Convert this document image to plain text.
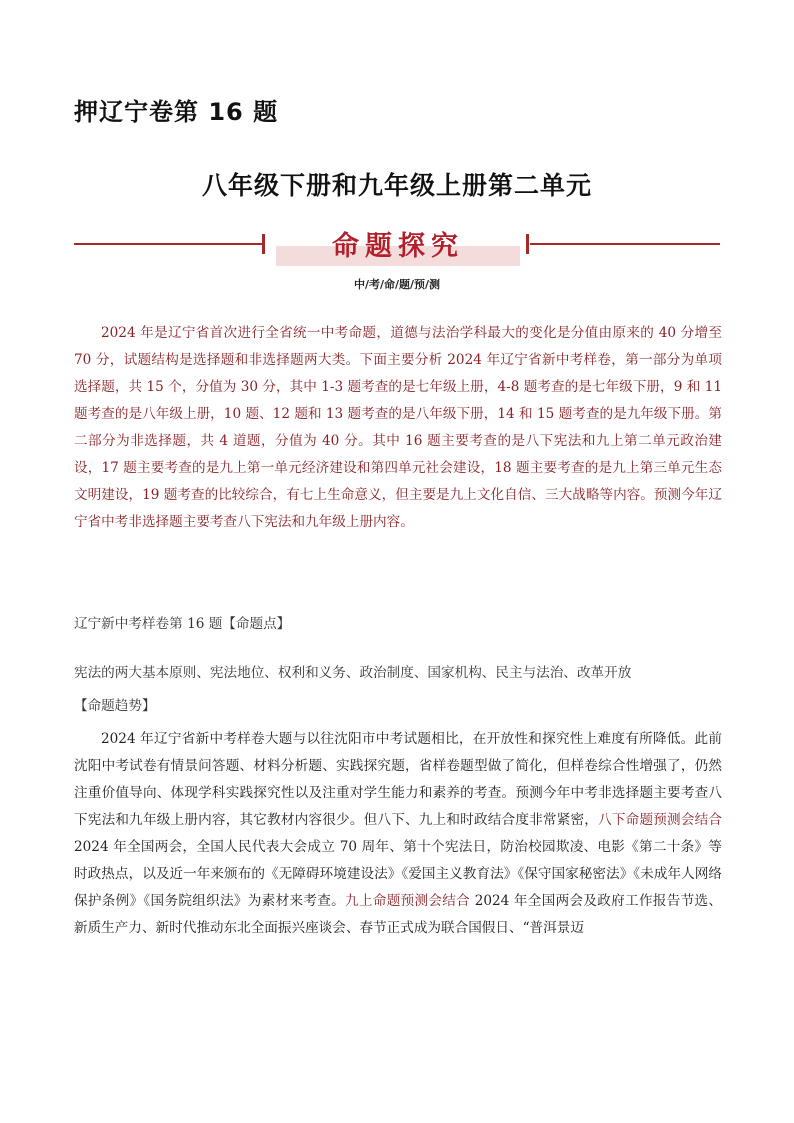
押辽宁卷第 16 题
八年级下册和九年级上册第二单元
命题探究
中/考/命/题/预/测

2024 年是辽宁省首次进行全省统一中考命题，道德与法治学科最大的变化是分值由原来的 40 分增至 70 分，试题结构是选择题和非选择题两大类。下面主要分析 2024 年辽宁省新中考样卷，第一部分为单项选择题，共 15 个，分值为 30 分，其中 1-3 题考查的是七年级上册，4-8 题考查的是七年级下册，9 和 11 题考查的是八年级上册，10 题、12 题和 13 题考查的是八年级下册，14 和 15 题考查的是九年级下册。第二部分为非选择题，共 4 道题，分值为 40 分。其中 16 题主要考查的是八下宪法和九上第二单元政治建设，17 题主要考查的是九上第一单元经济建设和第四单元社会建设，18 题主要考查的是九上第三单元生态文明建设，19 题考查的比较综合，有七上生命意义，但主要是九上文化自信、三大战略等内容。预测今年辽宁省中考非选择题主要考查八下宪法和九年级上册内容。

辽宁新中考样卷第 16 题【命题点】

宪法的两大基本原则、宪法地位、权利和义务、政治制度、国家机构、民主与法治、改革开放

【命题趋势】

2024 年辽宁省新中考样卷大题与以往沈阳市中考试题相比，在开放性和探究性上难度有所降低。此前沈阳中考试卷有情景问答题、材料分析题、实践探究题，省样卷题型做了简化，但样卷综合性增强了，仍然注重价值导向、体现学科实践探究性以及注重对学生能力和素养的考查。预测今年中考非选择题主要考查八下宪法和九年级上册内容，其它教材内容很少。但八下、九上和时政结合度非常紧密，八下命题预测会结合 2024 年全国两会，全国人民代表大会成立 70 周年、第十个宪法日，防治校园欺凌、电影《第二十条》等时政热点，以及近一年来颁布的《无障碍环境建设法》《爱国主义教育法》《保守国家秘密法》《未成年人网络保护条例》《国务院组织法》为素材来考查。九上命题预测会结合 2024 年全国两会及政府工作报告节选、新质生产力、新时代推动东北全面振兴座谈会、春节正式成为联合国假日、“普洱景迈
